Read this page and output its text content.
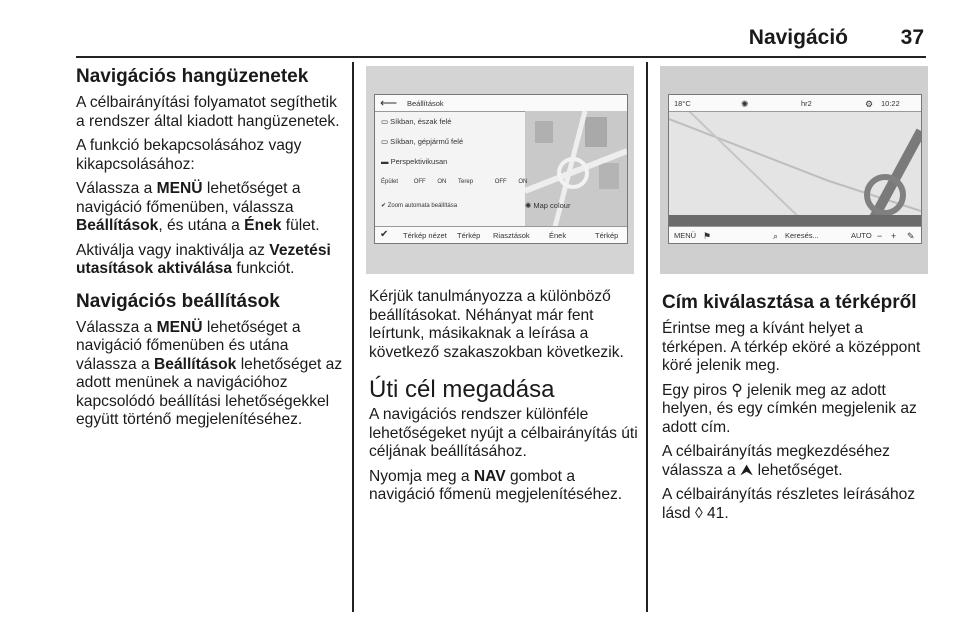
Navigáció	37
Navigációs hangüzenetek

A célbairányítási folyamatot segíthetik a rendszer által kiadott hangüzenetek.

A funkció bekapcsolásához vagy kikapcsolásához:

Válassza a MENÜ lehetőséget a navigáció főmenüben, válassza Beállítások, és utána a Ének fület.

Aktiválja vagy inaktiválja az Vezetési utasítások aktiválása funkciót.

Navigációs beállítások

Válassza a MENÜ lehetőséget a navigáció főmenüben és utána válassza a Beállítások lehetőséget az adott menünek a navigációhoz kapcsolódó beállítási lehetőségekkel együtt történő megjelenítéséhez.

⟵ Beállítások
▭ Síkban, észak felé
▭ Síkban, gépjármű felé
▬ Perspektivikusan
Épület	OFF ON Terep	OFF ON
✔ Zoom automata beállítása	✺ Map colour
✔ Térkép nézet Térkép Riasztások	Ének	Térkép
18°C	✺	hr2	⚙ 10:22
MENÜ ⚑	⌕ Keresés...	AUTO − + ✎

Kérjük tanulmányozza a különböző beállításokat. Néhányat már fent leírtunk, másikaknak a leírása a következő szakaszokban következik.

Úti cél megadása

A navigációs rendszer különféle lehetőségeket nyújt a célbairányítás úti céljának beállításához.

Nyomja meg a NAV gombot a navigáció főmenü megjelenítéséhez.

Cím kiválasztása a térképről

Érintse meg a kívánt helyet a térképen. A térkép eköré a középpont köré jelenik meg.

Egy piros ⚲ jelenik meg az adott helyen, és egy címkén megjelenik az adott cím.

A célbairányítás megkezdéséhez válassza a ⮝ lehetőséget.

A célbairányítás részletes leírásához lásd ◊ 41.
